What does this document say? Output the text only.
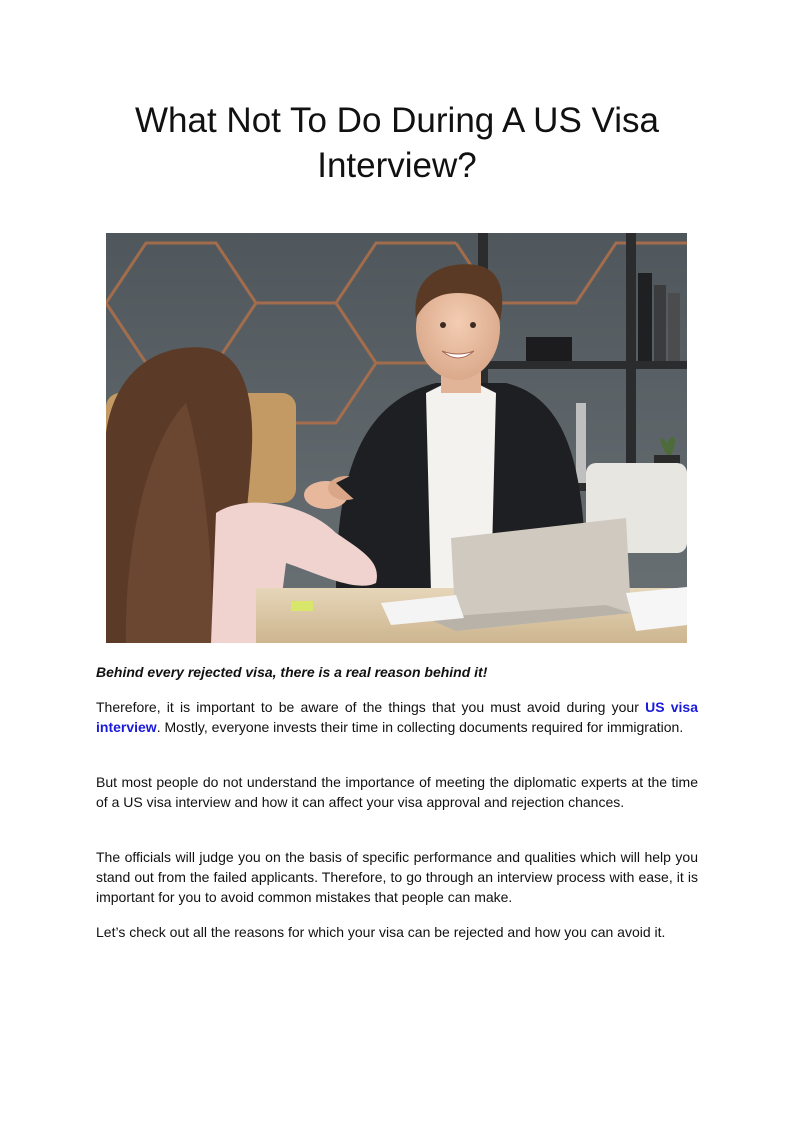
What Not To Do During A US Visa Interview?

Behind every rejected visa, there is a real reason behind it!

Therefore, it is important to be aware of the things that you must avoid during your US visa interview. Mostly, everyone invests their time in collecting documents required for immigration.

But most people do not understand the importance of meeting the diplomatic experts at the time of a US visa interview and how it can affect your visa approval and rejection chances.

The officials will judge you on the basis of specific performance and qualities which will help you stand out from the failed applicants. Therefore, to go through an interview process with ease, it is important for you to avoid common mistakes that people can make.

Let’s check out all the reasons for which your visa can be rejected and how you can avoid it.
